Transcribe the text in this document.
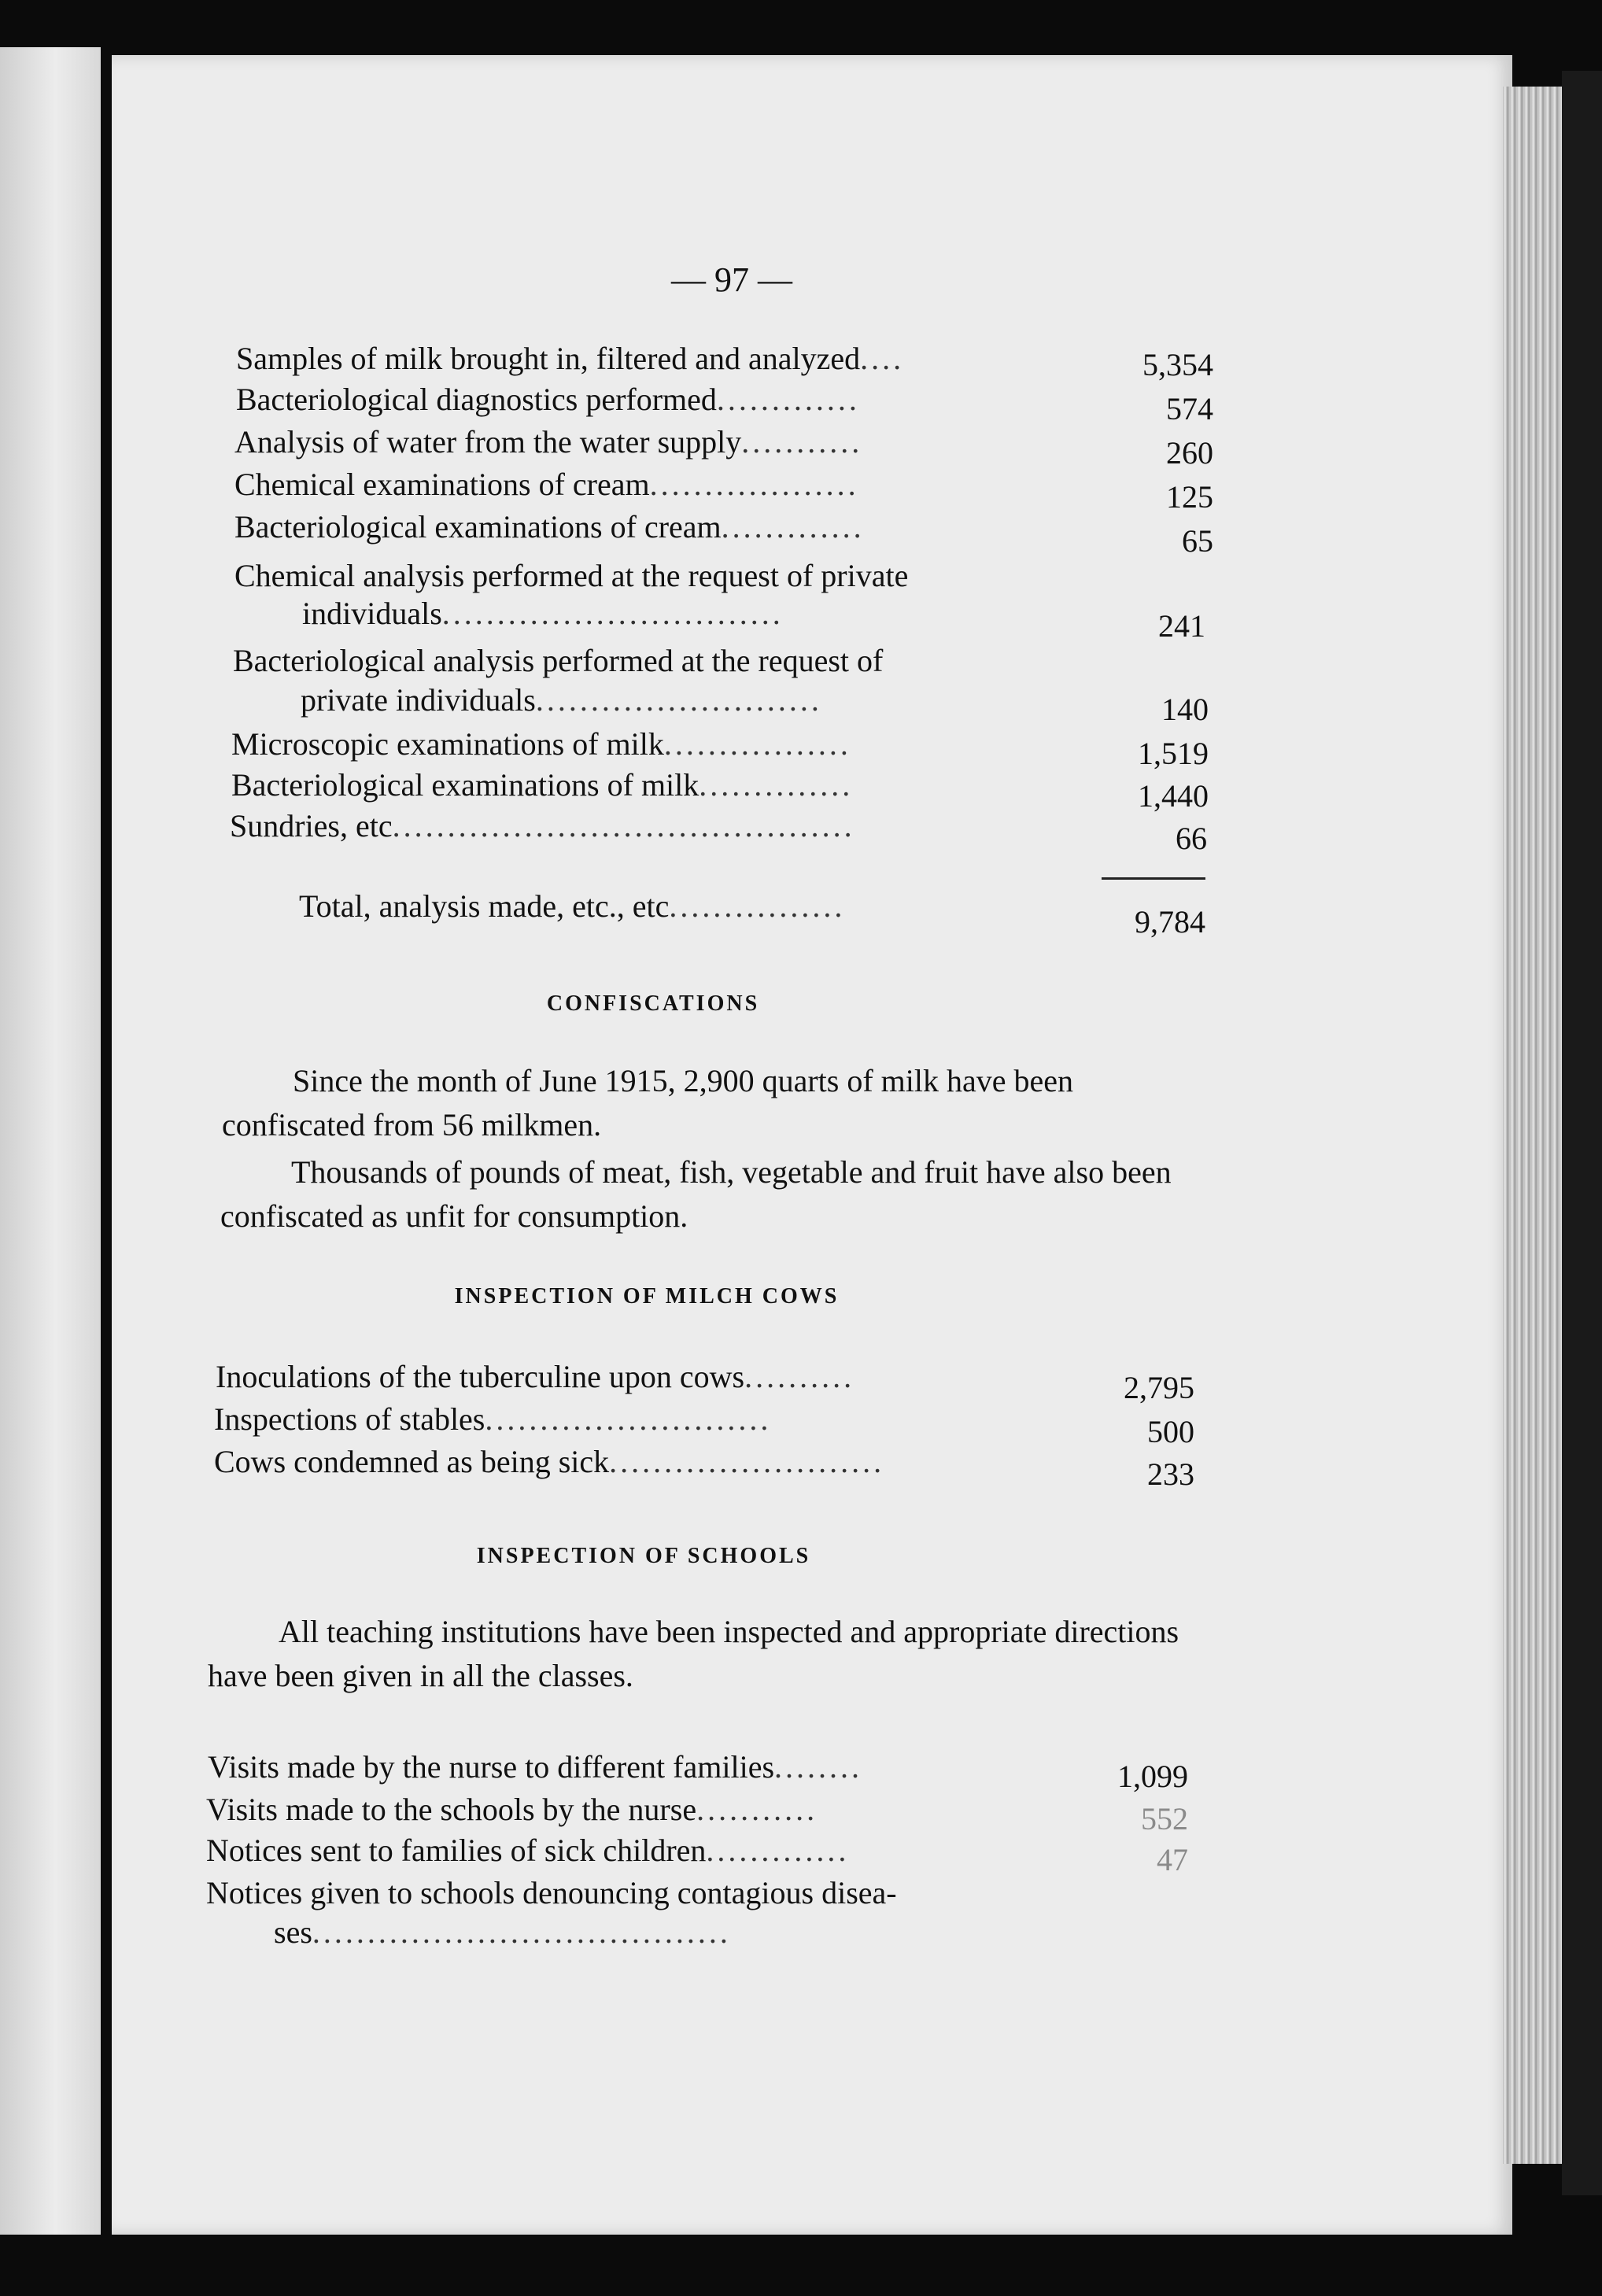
— 97 —
Samples of milk brought in, filtered and analyzed....	5,354
Bacteriological diagnostics performed.............	574
Analysis of water from the water supply...........	260
Chemical examinations of cream...................	125
Bacteriological examinations of cream.............	65
Chemical analysis performed at the request of private
individuals...............................	241
Bacteriological analysis performed at the request of
private individuals..........................	140
Microscopic examinations of milk.................	1,519
Bacteriological examinations of milk..............	1,440
Sundries, etc..........................................	66
Total, analysis made, etc., etc................	9,784
CONFISCATIONS
Since the month of June 1915, 2,900 quarts of milk have been confiscated from 56 milkmen.
Thousands of pounds of meat, fish, vegetable and fruit have also been confiscated as unfit for consumption.
INSPECTION OF MILCH COWS
Inoculations of the tuberculine upon cows..........	2,795
Inspections of stables..........................	500
Cows condemned as being sick.........................	233
INSPECTION OF SCHOOLS
All teaching institutions have been inspected and appropriate directions have been given in all the classes.
Visits made by the nurse to different families........	1,099
Visits made to the schools by the nurse...........	552
Notices sent to families of sick children.............	47
Notices given to schools denouncing contagious disea-
ses......................................
